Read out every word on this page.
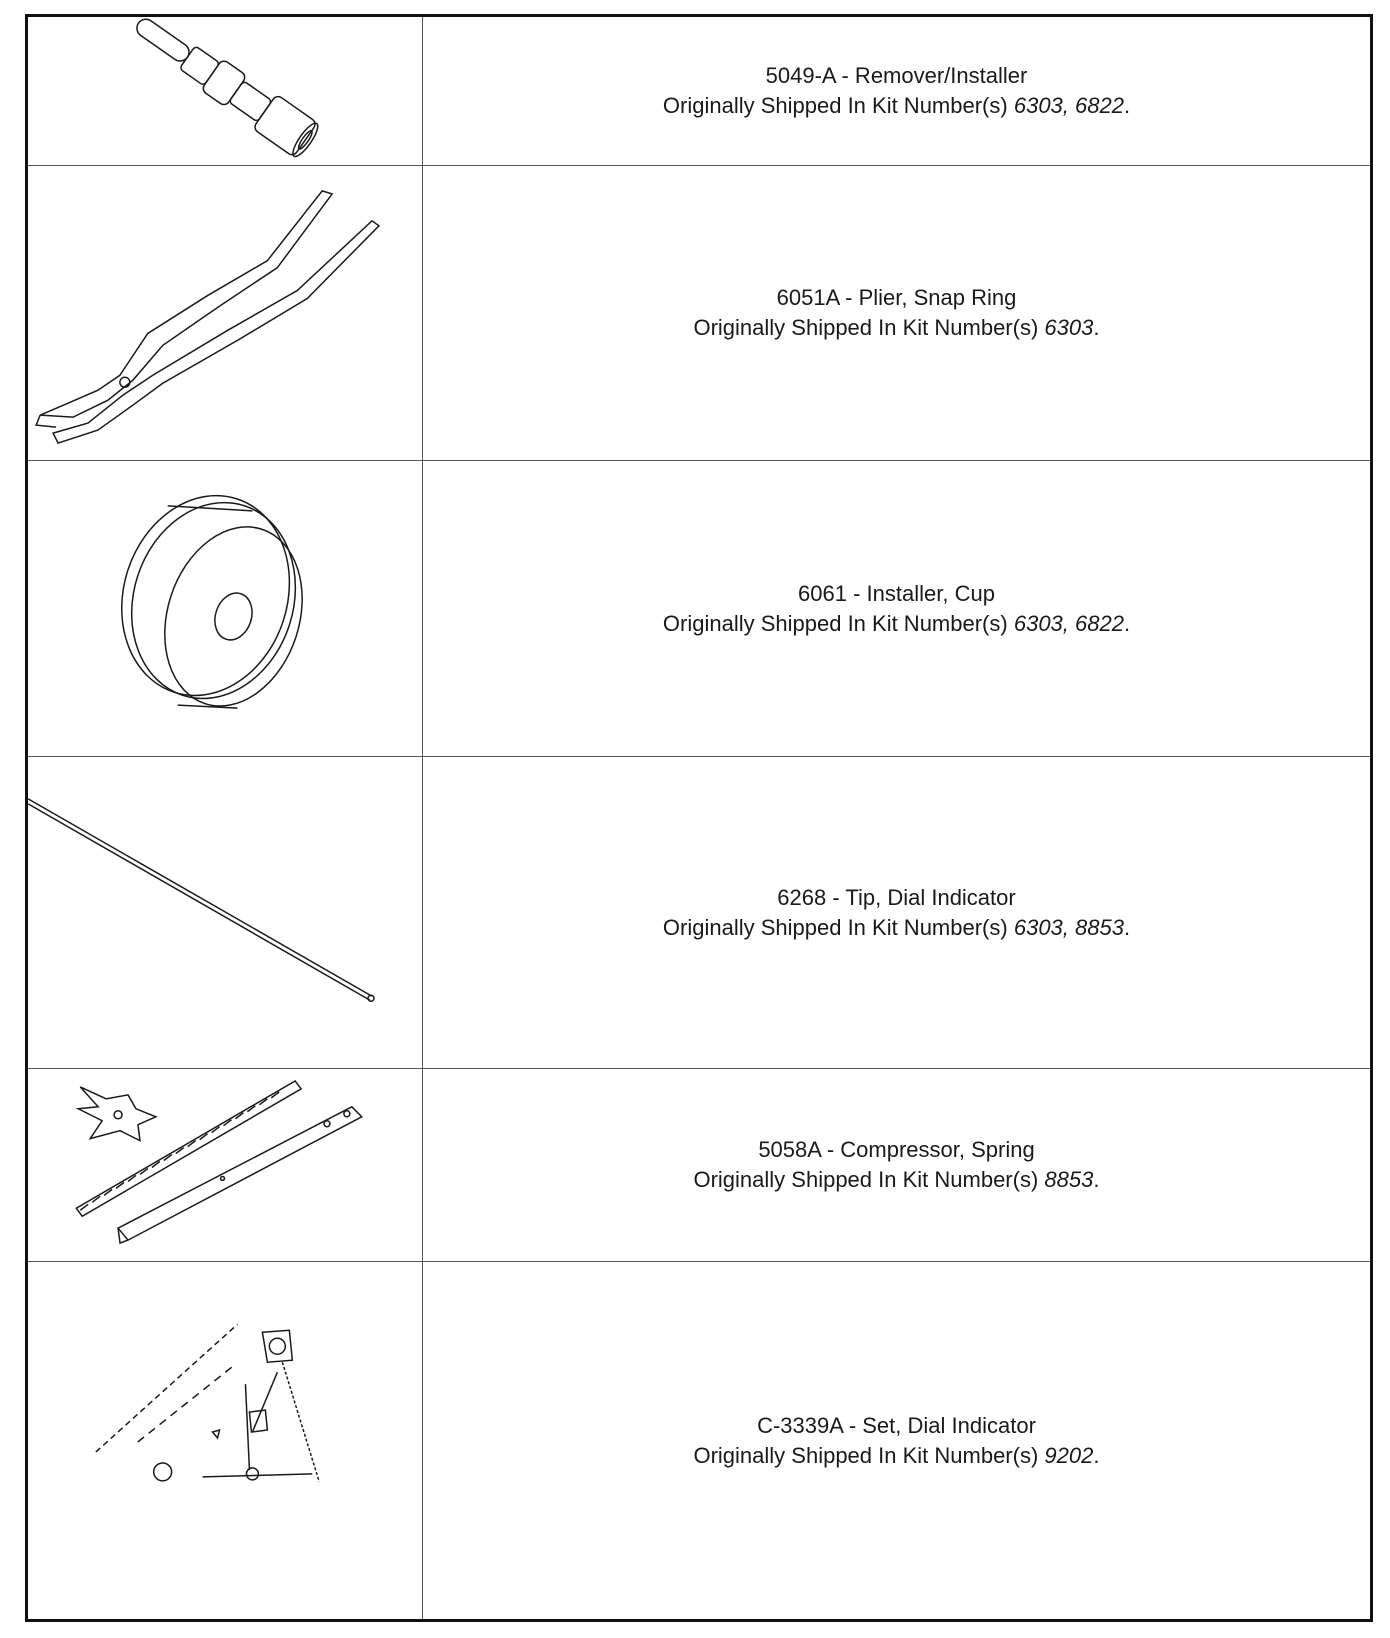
5049-A - Remover/Installer
Originally Shipped In Kit Number(s) 6303, 6822.
6051A - Plier, Snap Ring
Originally Shipped In Kit Number(s) 6303.
6061 - Installer, Cup
Originally Shipped In Kit Number(s) 6303, 6822.
6268 - Tip, Dial Indicator
Originally Shipped In Kit Number(s) 6303, 8853.
5058A - Compressor, Spring
Originally Shipped In Kit Number(s) 8853.
C-3339A - Set, Dial Indicator
Originally Shipped In Kit Number(s) 9202.
